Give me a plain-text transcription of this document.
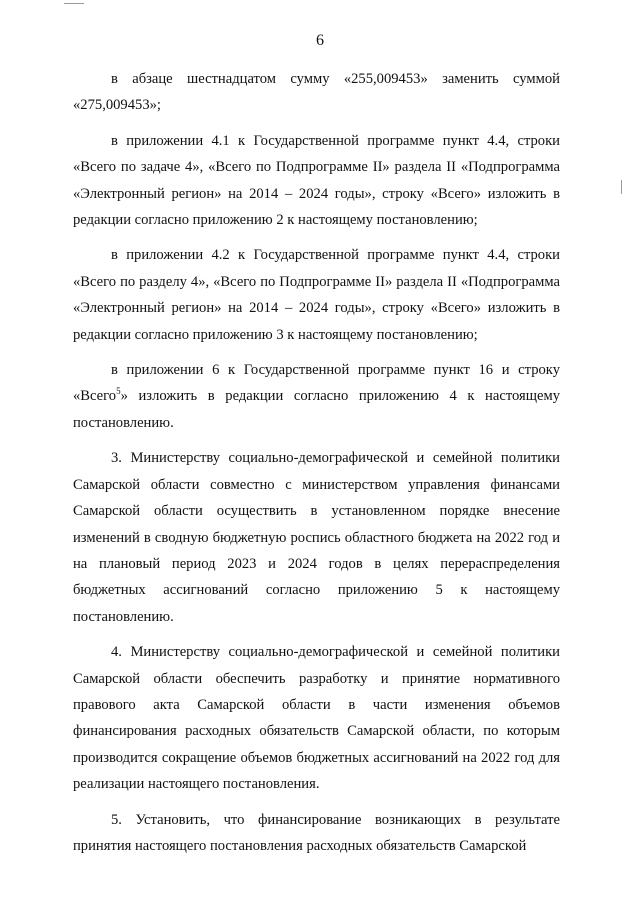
6

в абзаце шестнадцатом сумму «255,009453» заменить суммой «275,009453»;

в приложении 4.1 к Государственной программе пункт 4.4, строки «Всего по задаче 4», «Всего по Подпрограмме II» раздела II «Подпрограмма «Электронный регион» на 2014 – 2024 годы», строку «Всего» изложить в редакции согласно приложению 2 к настоящему постановлению;

в приложении 4.2 к Государственной программе пункт 4.4, строки «Всего по разделу 4», «Всего по Подпрограмме II» раздела II «Подпрограмма «Электронный регион» на 2014 – 2024 годы», строку «Всего» изложить в редакции согласно приложению 3 к настоящему постановлению;

в приложении 6 к Государственной программе пункт 16 и строку «Всего$^5$» изложить в редакции согласно приложению 4 к настоящему постановлению.

3. Министерству социально-демографической и семейной политики Самарской области совместно с министерством управления финансами Самарской области осуществить в установленном порядке внесение изменений в сводную бюджетную роспись областного бюджета на 2022 год и на плановый период 2023 и 2024 годов в целях перераспределения бюджетных ассигнований согласно приложению 5 к настоящему постановлению.

4. Министерству социально-демографической и семейной политики Самарской области обеспечить разработку и принятие нормативного правового акта Самарской области в части изменения объемов финансирования расходных обязательств Самарской области, по которым производится сокращение объемов бюджетных ассигнований на 2022 год для реализации настоящего постановления.

5. Установить, что финансирование возникающих в результате принятия настоящего постановления расходных обязательств Самарской
